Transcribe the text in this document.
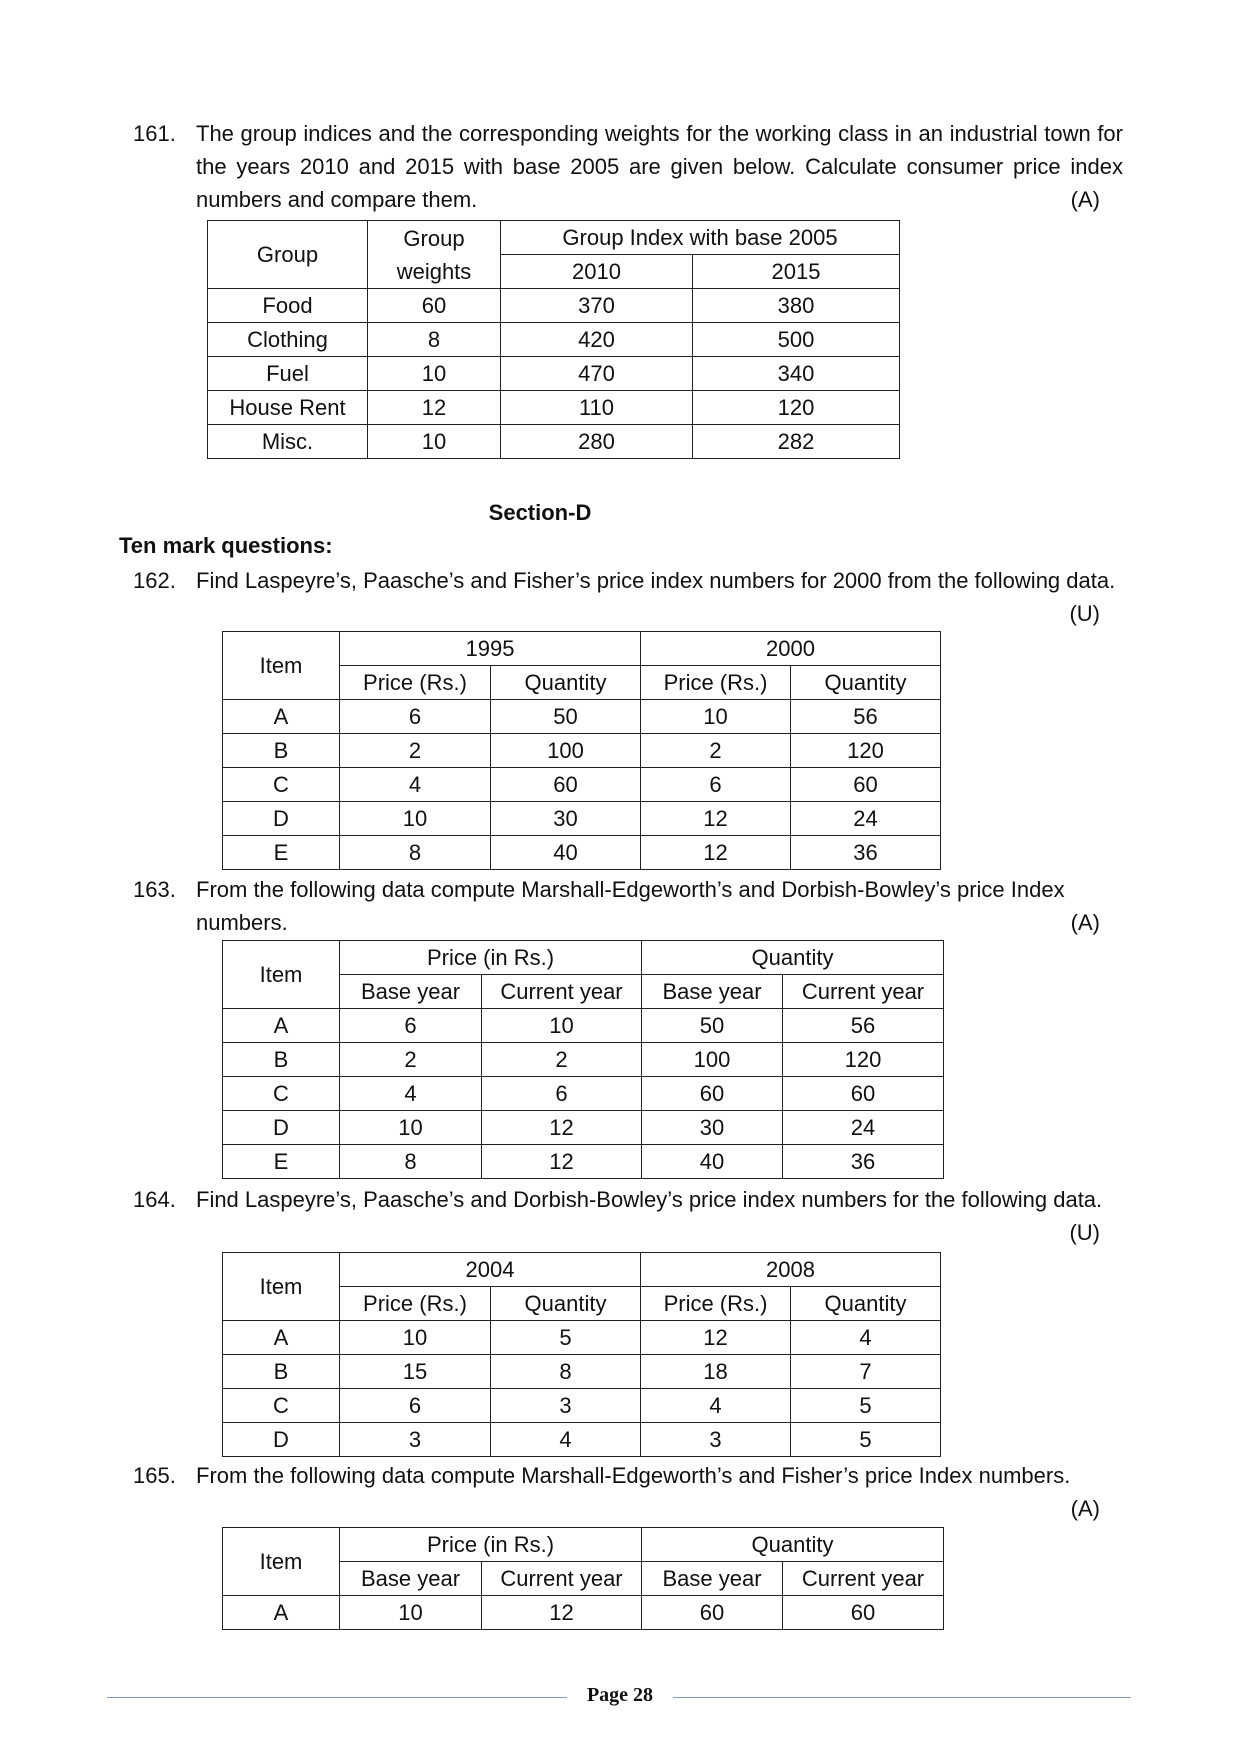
161. The group indices and the corresponding weights for the working class in an industrial town for the years 2010 and 2015 with base 2005 are given below. Calculate consumer price index numbers and compare them.	(A)
Group	Group weights	Group Index with base 2005	
		2010	2015
Food	60	370	380
Clothing	8	420	500
Fuel	10	470	340
House Rent	12	110	120
Misc.	10	280	282
Section-D
Ten mark questions:
162. Find Laspeyre’s, Paasche’s and Fisher’s price index numbers for 2000 from the following data.
(U)
Item	1995		2000	
	Price (Rs.)	Quantity	Price (Rs.)	Quantity
A	6	50	10	56
B	2	100	2	120
C	4	60	6	60
D	10	30	12	24
E	8	40	12	36
163. From the following data compute Marshall-Edgeworth’s and Dorbish-Bowley’s price Index numbers.	(A)
Item	Price (in Rs.)		Quantity	
	Base year	Current year	Base year	Current year
A	6	10	50	56
B	2	2	100	120
C	4	6	60	60
D	10	12	30	24
E	8	12	40	36
164. Find Laspeyre’s, Paasche’s and Dorbish-Bowley’s price index numbers for the following data.
(U)
Item	2004		2008	
	Price (Rs.)	Quantity	Price (Rs.)	Quantity
A	10	5	12	4
B	15	8	18	7
C	6	3	4	5
D	3	4	3	5
165. From the following data compute Marshall-Edgeworth’s and Fisher’s price Index numbers.
(A)
Item	Price (in Rs.)		Quantity	
	Base year	Current year	Base year	Current year
A	10	12	60	60
Page 28
